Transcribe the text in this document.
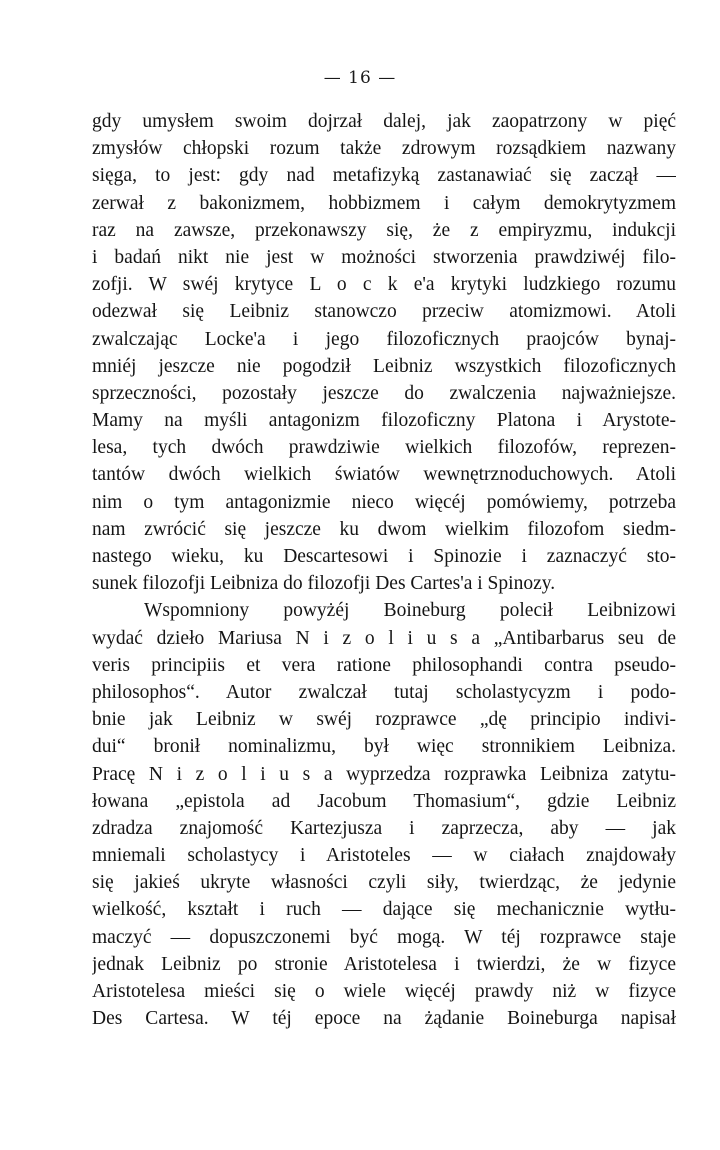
— 16 —
gdy umysłem swoim dojrzał dalej, jak zaopatrzony w pięć
zmysłów chłopski rozum także zdrowym rozsądkiem nazwany
sięga, to jest: gdy nad metafizyką zastanawiać się zaczął —
zerwał z bakonizmem, hobbizmem i całym demokrytyzmem
raz na zawsze, przekonawszy się, że z empiryzmu, indukcji
i badań nikt nie jest w możności stworzenia prawdziwéj filo-
zofji. W swéj krytyce L o c k e'a krytyki ludzkiego rozumu
odezwał się Leibniz stanowczo przeciw atomizmowi. Atoli
zwalczając Locke'a i jego filozoficznych praojców bynaj-
mniéj jeszcze nie pogodził Leibniz wszystkich filozoficznych
sprzeczności, pozostały jeszcze do zwalczenia najważniejsze.
Mamy na myśli antagonizm filozoficzny Platona i Arystote-
lesa, tych dwóch prawdziwie wielkich filozofów, reprezen-
tantów dwóch wielkich światów wewnętrznoduchowych. Atoli
nim o tym antagonizmie nieco więcéj pomówiemy, potrzeba
nam zwrócić się jeszcze ku dwom wielkim filozofom siedm-
nastego wieku, ku Descartesowi i Spinozie i zaznaczyć sto-
sunek filozofji Leibniza do filozofji Des Cartes'a i Spinozy.
Wspomniony powyżéj Boineburg polecił Leibnizowi
wydać dzieło Mariusa N i z o l i u s a „Antibarbarus seu de
veris principiis et vera ratione philosophandi contra pseudo-
philosophos“. Autor zwalczał tutaj scholastycyzm i podo-
bnie jak Leibniz w swéj rozprawce „dę principio indivi-
dui“ bronił nominalizmu, był więc stronnikiem Leibniza.
Pracę N i z o l i u s a wyprzedza rozprawka Leibniza zatytu-
łowana „epistola ad Jacobum Thomasium“, gdzie Leibniz
zdradza znajomość Kartezjusza i zaprzecza, aby — jak
mniemali scholastycy i Aristoteles — w ciałach znajdowały
się jakieś ukryte własności czyli siły, twierdząc, że jedynie
wielkość, kształt i ruch — dające się mechanicznie wytłu-
maczyć — dopuszczonemi być mogą. W téj rozprawce staje
jednak Leibniz po stronie Aristotelesa i twierdzi, że w fizyce
Aristotelesa mieści się o wiele więcéj prawdy niż w fizyce
Des Cartesa. W téj epoce na żądanie Boineburga napisał
